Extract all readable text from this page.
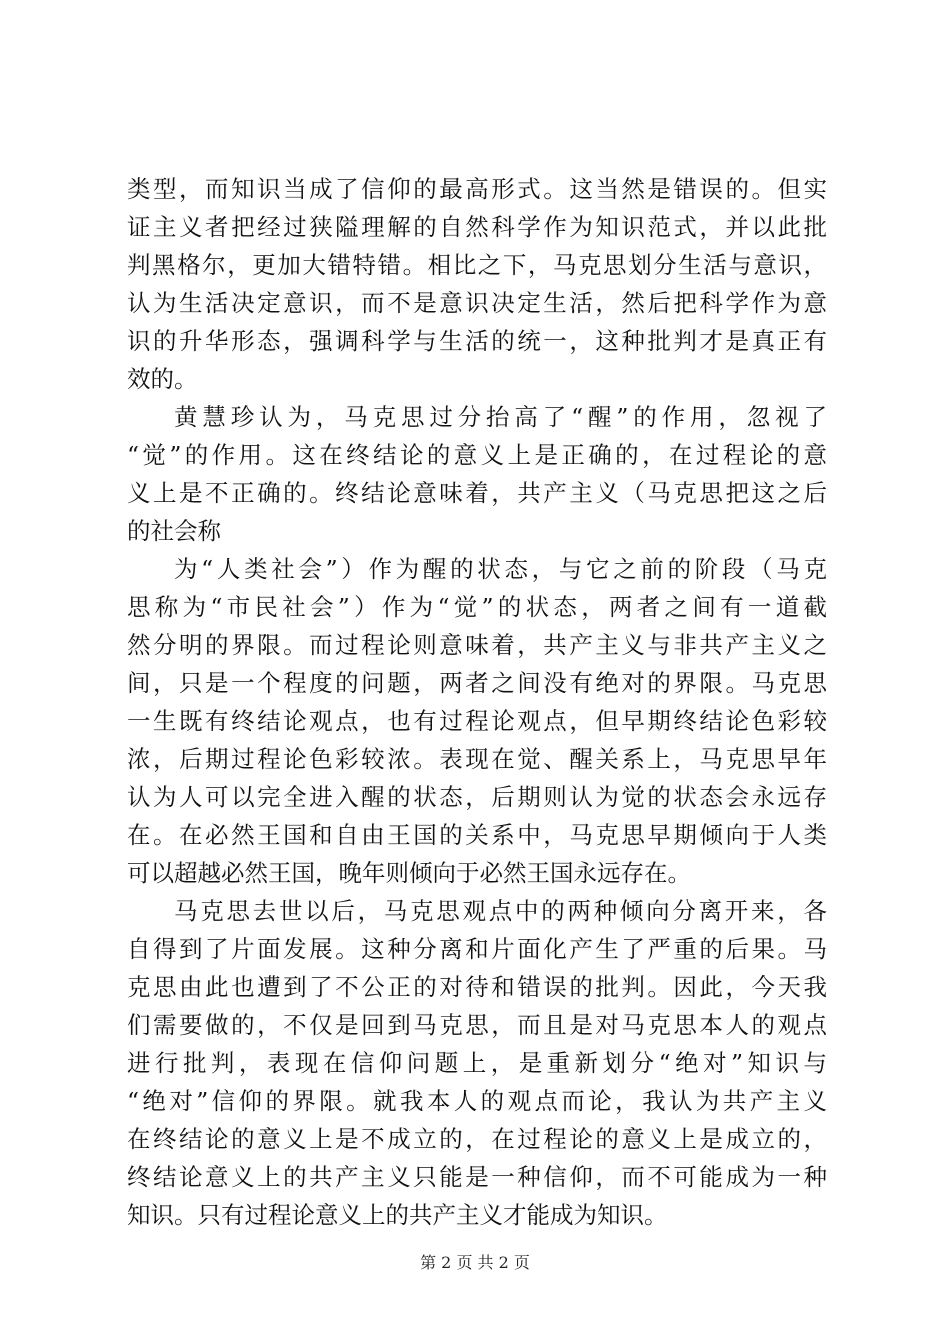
类型，而知识当成了信仰的最高形式。这当然是错误的。但实
证主义者把经过狭隘理解的自然科学作为知识范式，并以此批
判黑格尔，更加大错特错。相比之下，马克思划分生活与意识，
认为生活决定意识，而不是意识决定生活，然后把科学作为意
识的升华形态，强调科学与生活的统一，这种批判才是真正有
效的。
黄慧珍认为，马克思过分抬高了“醒”的作用，忽视了
“觉”的作用。这在终结论的意义上是正确的，在过程论的意
义上是不正确的。终结论意味着，共产主义（马克思把这之后
的社会称
为“人类社会”）作为醒的状态，与它之前的阶段（马克
思称为“市民社会”）作为“觉”的状态，两者之间有一道截
然分明的界限。而过程论则意味着，共产主义与非共产主义之
间，只是一个程度的问题，两者之间没有绝对的界限。马克思
一生既有终结论观点，也有过程论观点，但早期终结论色彩较
浓，后期过程论色彩较浓。表现在觉、醒关系上，马克思早年
认为人可以完全进入醒的状态，后期则认为觉的状态会永远存
在。在必然王国和自由王国的关系中，马克思早期倾向于人类
可以超越必然王国，晚年则倾向于必然王国永远存在。
马克思去世以后，马克思观点中的两种倾向分离开来，各
自得到了片面发展。这种分离和片面化产生了严重的后果。马
克思由此也遭到了不公正的对待和错误的批判。因此，今天我
们需要做的，不仅是回到马克思，而且是对马克思本人的观点
进行批判，表现在信仰问题上，是重新划分“绝对”知识与
“绝对”信仰的界限。就我本人的观点而论，我认为共产主义
在终结论的意义上是不成立的，在过程论的意义上是成立的，
终结论意义上的共产主义只能是一种信仰，而不可能成为一种
知识。只有过程论意义上的共产主义才能成为知识。
第 2 页 共 2 页
